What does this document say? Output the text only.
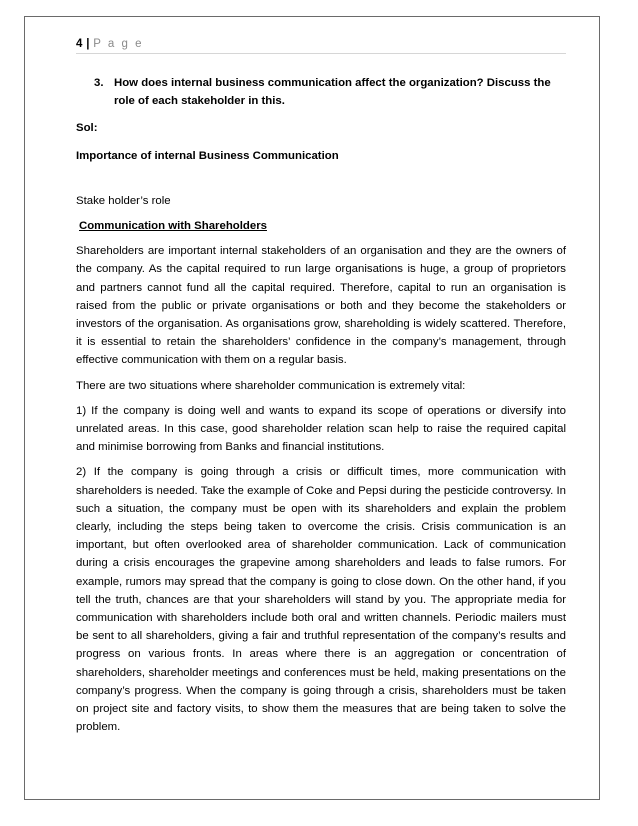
4 | P a g e
3. How does internal business communication affect the organization? Discuss the role of each stakeholder in this.

Sol:

Importance of internal Business Communication

Stake holder’s role

Communication with Shareholders

Shareholders are important internal stakeholders of an organisation and they are the owners of the company. As the capital required to run large organisations is huge, a group of proprietors and partners cannot fund all the capital required. Therefore, capital to run an organisation is raised from the public or private organisations or both and they become the stakeholders or investors of the organisation. As organisations grow, shareholding is widely scattered. Therefore, it is essential to retain the shareholders’ confidence in the company’s management, through effective communication with them on a regular basis.

There are two situations where shareholder communication is extremely vital:

1) If the company is doing well and wants to expand its scope of operations or diversify into unrelated areas. In this case, good shareholder relation scan help to raise the required capital and minimise borrowing from Banks and financial institutions.

2) If the company is going through a crisis or difficult times, more communication with shareholders is needed. Take the example of Coke and Pepsi during the pesticide controversy. In such a situation, the company must be open with its shareholders and explain the problem clearly, including the steps being taken to overcome the crisis. Crisis communication is an important, but often overlooked area of shareholder communication. Lack of communication during a crisis encourages the grapevine among shareholders and leads to false rumors. For example, rumors may spread that the company is going to close down. On the other hand, if you tell the truth, chances are that your shareholders will stand by you. The appropriate media for communication with shareholders include both oral and written channels. Periodic mailers must be sent to all shareholders, giving a fair and truthful representation of the company’s results and progress on various fronts. In areas where there is an aggregation or concentration of shareholders, shareholder meetings and conferences must be held, making presentations on the company’s progress. When the company is going through a crisis, shareholders must be taken on project site and factory visits, to show them the measures that are being taken to solve the problem.
